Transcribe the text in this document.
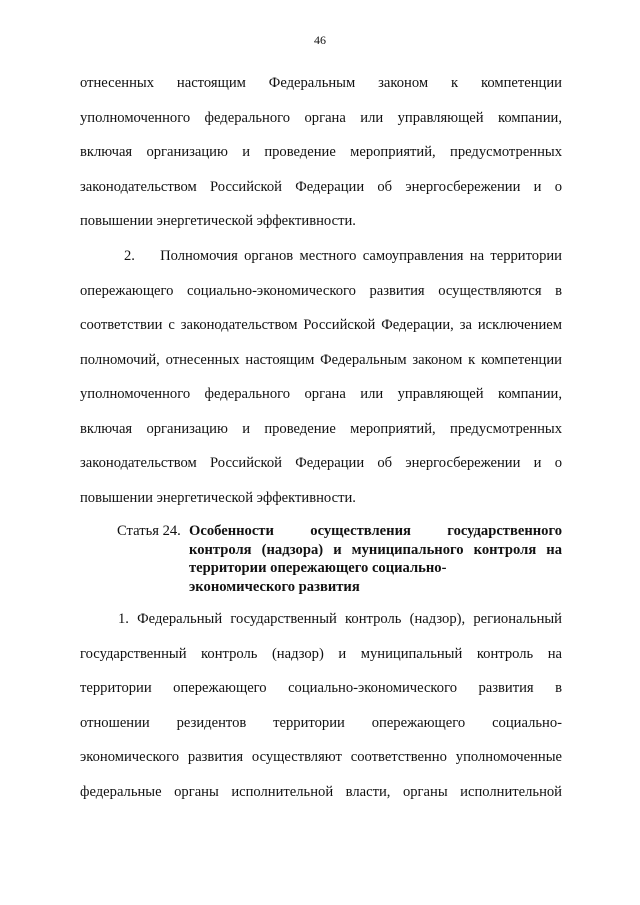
46
отнесенных настоящим Федеральным законом к компетенции
уполномоченного федерального органа или управляющей компании,
включая организацию и проведение мероприятий, предусмотренных
законодательством Российской Федерации об энергосбережении и о
повышении энергетической эффективности.
2.    Полномочия органов местного самоуправления на территории
опережающего социально-экономического развития осуществляются в
соответствии с законодательством Российской Федерации, за исключением
полномочий, отнесенных настоящим Федеральным законом к компетенции
уполномоченного федерального органа или управляющей компании,
включая организацию и проведение мероприятий, предусмотренных
законодательством Российской Федерации об энергосбережении и о
повышении энергетической эффективности.
Статья 24. Особенности осуществления государственного
контроля (надзора) и муниципального контроля на
территории опережающего социально-
экономического развития
1. Федеральный государственный контроль (надзор), региональный
государственный контроль (надзор) и муниципальный контроль на
территории опережающего социально-экономического развития в
отношении резидентов территории опережающего социально-
экономического развития осуществляют соответственно уполномоченные
федеральные органы исполнительной власти, органы исполнительной
